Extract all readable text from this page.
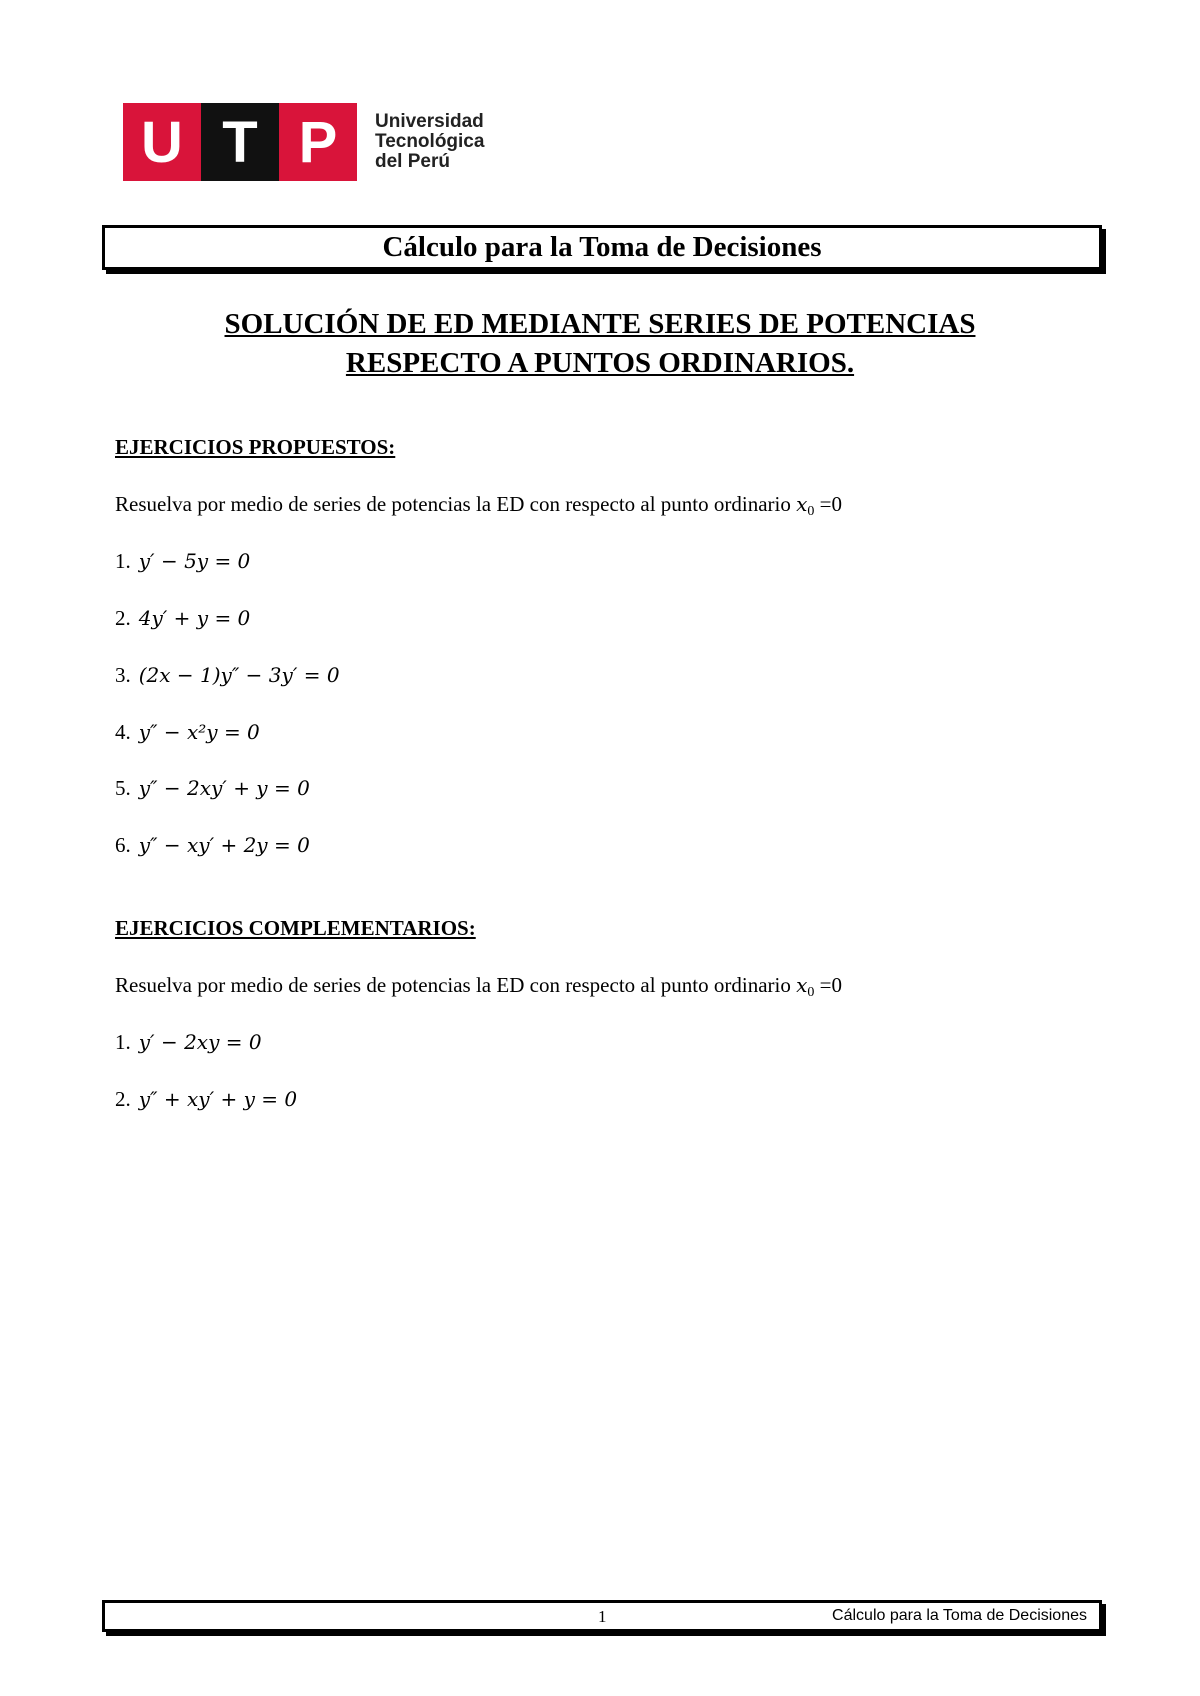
U T P	Universidad
Tecnológica
del Perú
Cálculo para la Toma de Decisiones
SOLUCIÓN DE ED MEDIANTE SERIES DE POTENCIAS
RESPECTO A PUNTOS ORDINARIOS.
EJERCICIOS PROPUESTOS:
Resuelva por medio de series de potencias la ED con respecto al punto ordinario $x_0 =0$
1. y′ − 5y = 0
2. 4y′ + y = 0
3. (2x − 1)y″ − 3y′ = 0
4. y″ − x²y = 0
5. y″ − 2xy′ + y = 0
6. y″ − xy′ + 2y = 0
EJERCICIOS COMPLEMENTARIOS:
Resuelva por medio de series de potencias la ED con respecto al punto ordinario $x_0 =0$
1. y′ − 2xy = 0
2. y″ + xy′ + y = 0
1	Cálculo para la Toma de Decisiones
